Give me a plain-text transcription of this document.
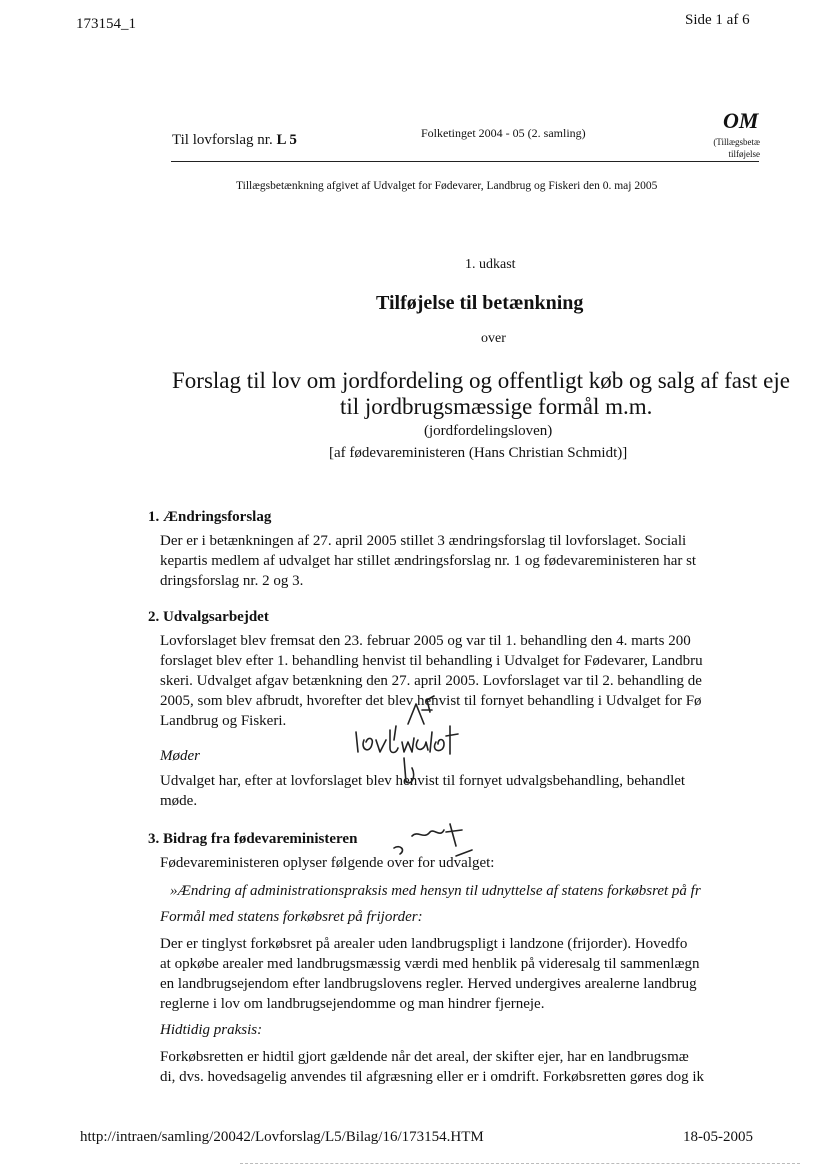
173154_1	Side 1 af 6
Til lovforslag nr. L 5	Folketinget 2004 - 05 (2. samling)	OM
(Tillægsbetæ
tilføjelse
Tillægsbetænkning afgivet af Udvalget for Fødevarer, Landbrug og Fiskeri den 0. maj 2005
1. udkast
Tilføjelse til betænkning
over
Forslag til lov om jordfordeling og offentligt køb og salg af fast eje
til jordbrugsmæssige formål m.m.
(jordfordelingsloven)
[af fødevareministeren (Hans Christian Schmidt)]
1. Ændringsforslag
Der er i betænkningen af 27. april 2005 stillet 3 ændringsforslag til lovforslaget. Sociali
kepartis medlem af udvalget har stillet ændringsforslag nr. 1 og fødevareministeren har st
dringsforslag nr. 2 og 3.
2. Udvalgsarbejdet
Lovforslaget blev fremsat den 23. februar 2005 og var til 1. behandling den 4. marts 200
forslaget blev efter 1. behandling henvist til behandling i Udvalget for Fødevarer, Landbru
skeri. Udvalget afgav betænkning den 27. april 2005. Lovforslaget var til 2. behandling de
2005, som blev afbrudt, hvorefter det blev henvist til fornyet behandling i Udvalget for Fø
Landbrug og Fiskeri.
Møder
Udvalget har, efter at lovforslaget blev henvist til fornyet udvalgsbehandling, behandlet
møde.
3. Bidrag fra fødevareministeren
Fødevareministeren oplyser følgende over for udvalget:
»Ændring af administrationspraksis med hensyn til udnyttelse af statens forkøbsret på fr
Formål med statens forkøbsret på frijorder:
Der er tinglyst forkøbsret på arealer uden landbrugspligt i landzone (frijorder). Hovedfo
at opkøbe arealer med landbrugsmæssig værdi med henblik på videresalg til sammenlægn
en landbrugsejendom efter landbrugslovens regler. Herved undergives arealerne landbrug
reglerne i lov om landbrugsejendomme og man hindrer fjerneje.
Hidtidig praksis:
Forkøbsretten er hidtil gjort gældende når det areal, der skifter ejer, har en landbrugsmæ
di, dvs. hovedsagelig anvendes til afgræsning eller er i omdrift. Forkøbsretten gøres dog ik
http://intraen/samling/20042/Lovforslag/L5/Bilag/16/173154.HTM	18-05-2005
